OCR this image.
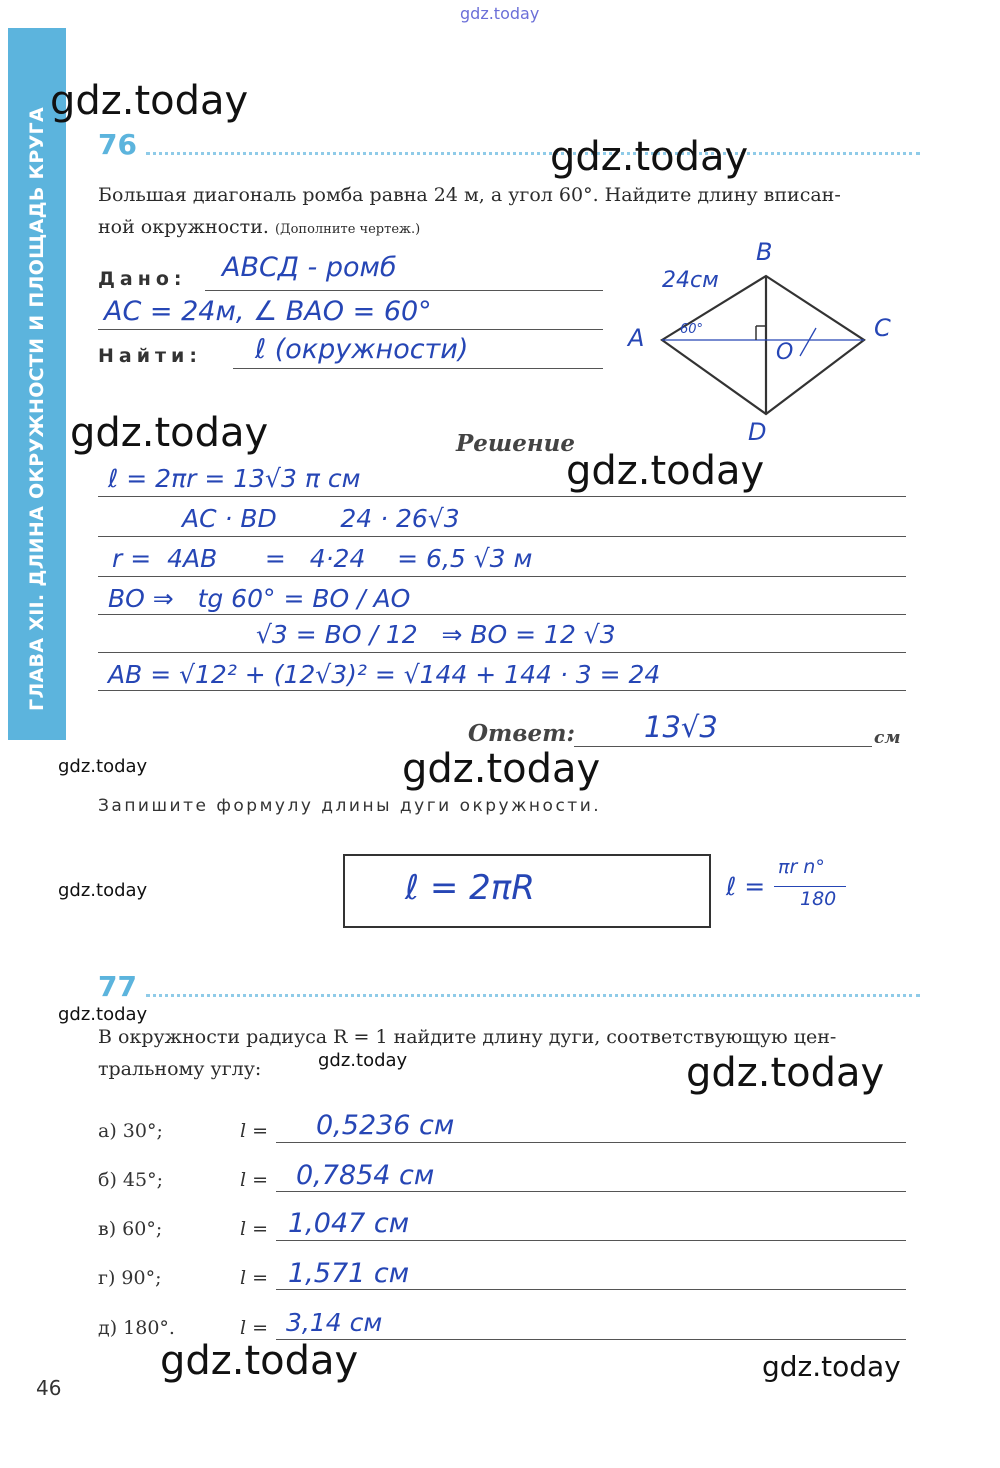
ГЛАВА XII. ДЛИНА ОКРУЖНОСТИ И ПЛОЩАДЬ КРУГА
gdz.today
76
Большая диагональ ромба равна 24 м, а угол 60°. Найдите длину вписан-
ной окружности. (Дополните чертеж.)
Дано: ABCД - ромб
AC = 24м, ∠ BAO = 60°
Найти: ℓ (окружности)
B
A	C
D
O
24см
60°
Решение
ℓ = 2πr = 13√3 π см
AC · BD        24 · 26√3
r =  4AB      =   4·24    = 6,5 √3 м
BO ⇒   tg 60° = BO / AO
√3 = BO / 12   ⇒ BO = 12 √3
AB = √12² + (12√3)² = √144 + 144 · 3 = 24
Ответ: 13√3	см
Запишите формулу длины дуги окружности.
ℓ = 2πR
πr n°
ℓ = 180
77
В окружности радиуса R = 1 найдите длину дуги, соответствующую цен-
тральному углу:
а) 30°;	l = 0,5236 см
б) 45°;	l = 0,7854 см
в) 60°;	l = 1,047 см
г) 90°;	l = 1,571 см
д) 180°.	l = 3,14 см
46
gdz.today
gdz.today
gdz.today
gdz.today
gdz.today	gdz.today
gdz.today
gdz.today
gdz.today	gdz.today
gdz.today	gdz.today
